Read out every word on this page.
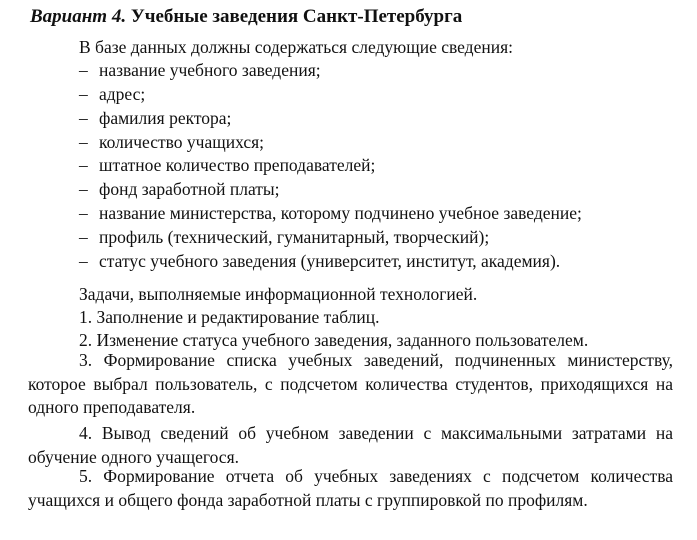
Вариант 4. Учебные заведения Санкт-Петербурга
В базе данных должны содержаться следующие сведения:
– название учебного заведения;
– адрес;
– фамилия ректора;
– количество учащихся;
– штатное количество преподавателей;
– фонд заработной платы;
– название министерства, которому подчинено учебное заведение;
– профиль (технический, гуманитарный, творческий);
– статус учебного заведения (университет, институт, академия).
Задачи, выполняемые информационной технологией.
1. Заполнение и редактирование таблиц.
2. Изменение статуса учебного заведения, заданного пользователем.
3. Формирование списка учебных заведений, подчиненных министерству, которое выбрал пользователь, с подсчетом количества студентов, приходящихся на одного преподавателя.
4. Вывод сведений об учебном заведении с максимальными затратами на обучение одного учащегося.
5. Формирование отчета об учебных заведениях с подсчетом количества учащихся и общего фонда заработной платы с группировкой по профилям.
